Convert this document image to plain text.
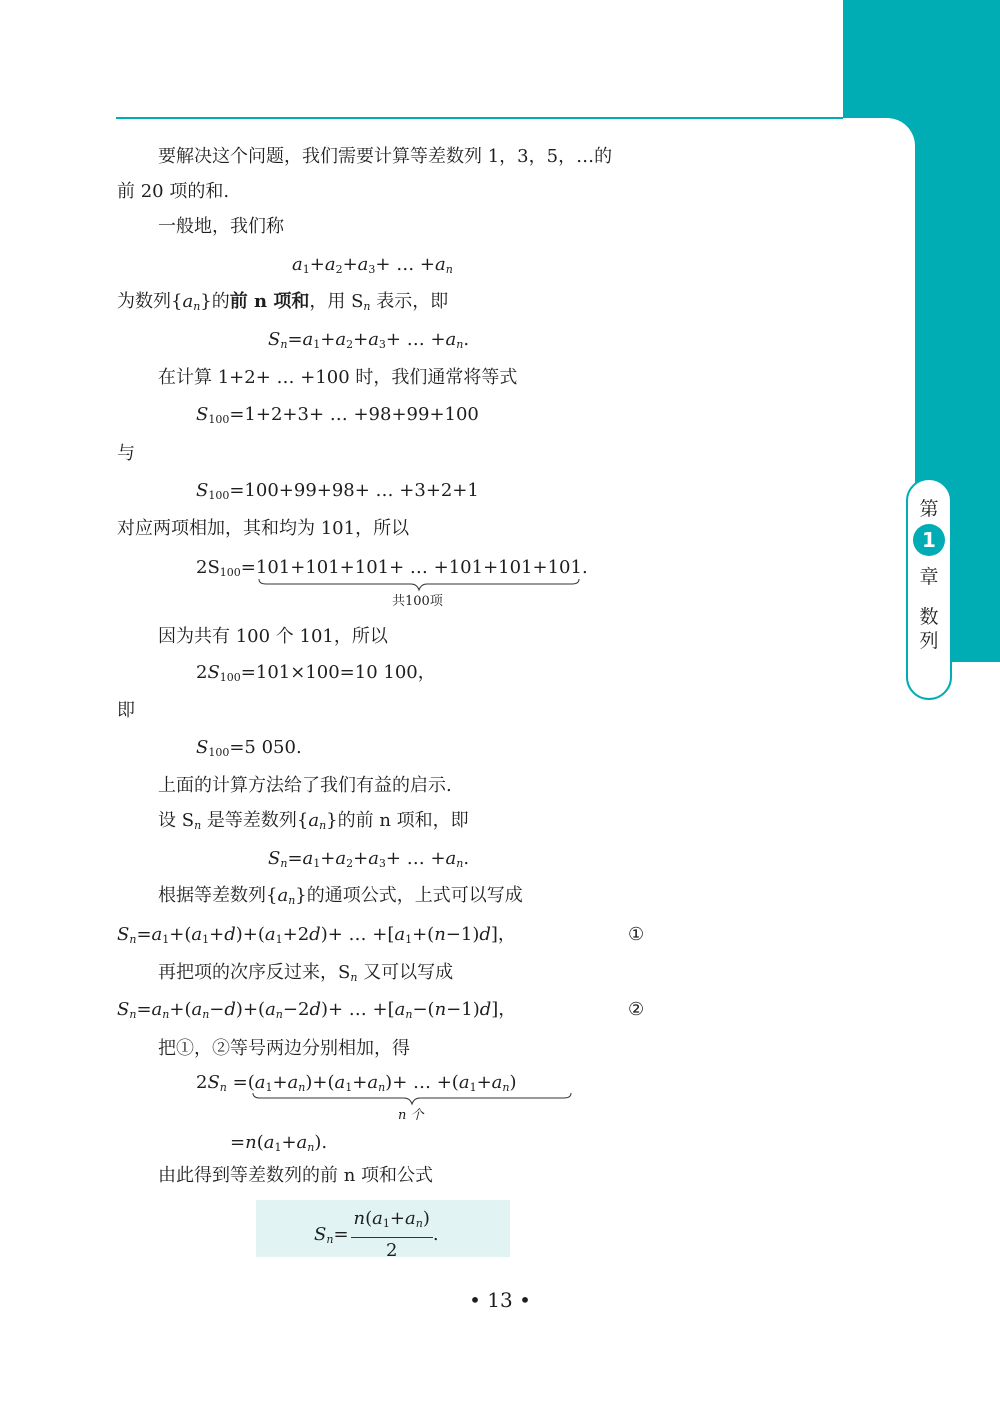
第
1
章
数
列
要解决这个问题，我们需要计算等差数列 1，3，5，…的
前 20 项的和.
一般地，我们称
a1+a2+a3+ … +an
为数列{an}的前 n 项和，用 Sn 表示，即
Sn=a1+a2+a3+ … +an.
在计算 1+2+ … +100 时，我们通常将等式
S100=1+2+3+ … +98+99+100
与
S100=100+99+98+ … +3+2+1
对应两项相加，其和均为 101，所以
2S100=101+101+101+ … +101+101+101.
共100项
因为共有 100 个 101，所以
2S100=101×100=10 100，
即
S100=5 050.
上面的计算方法给了我们有益的启示.
设 Sn 是等差数列{an}的前 n 项和，即
Sn=a1+a2+a3+ … +an.
根据等差数列{an}的通项公式，上式可以写成
Sn=a1+(a1+d)+(a1+2d)+ … +[a1+(n−1)d]，	①
再把项的次序反过来，Sn 又可以写成
Sn=an+(an−d)+(an−2d)+ … +[an−(n−1)d]，	②
把①，②等号两边分别相加，得
2Sn =(a1+an)+(a1+an)+ … +(a1+an)
n 个
=n(a1+an).
由此得到等差数列的前 n 项和公式
$Sn= \frac{n(a1+an)}{2}$ .
• 13 •
